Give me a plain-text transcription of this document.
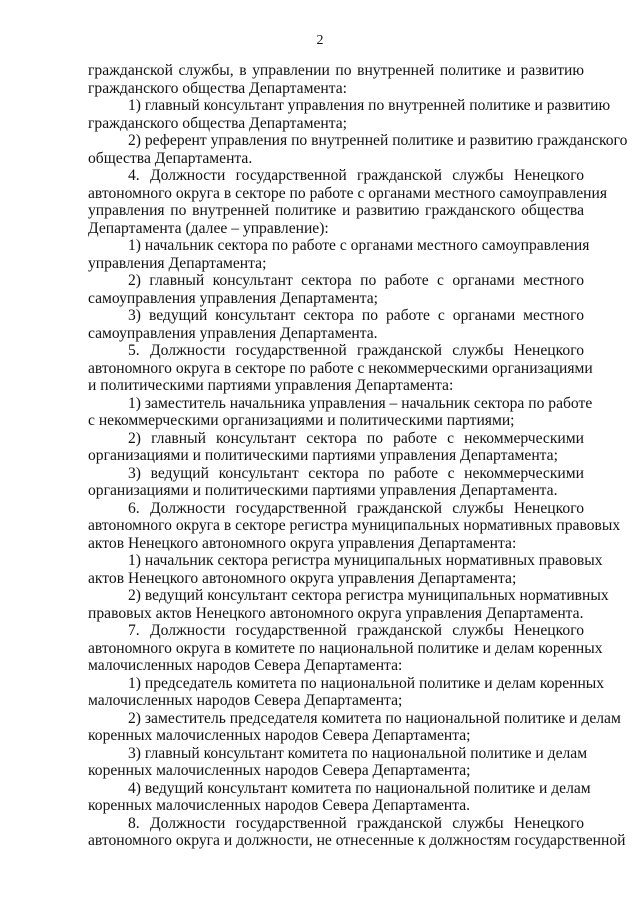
2
гражданской службы, в управлении по внутренней политике и развитию
гражданского общества Департамента:
1) главный консультант управления по внутренней политике и развитию
гражданского общества Департамента;
2) референт управления по внутренней политике и развитию гражданского
общества Департамента.
4. Должности государственной гражданской службы Ненецкого
автономного округа в секторе по работе с органами местного самоуправления
управления по внутренней политике и развитию гражданского общества
Департамента (далее – управление):
1) начальник сектора по работе с органами местного самоуправления
управления Департамента;
2) главный консультант сектора по работе с органами местного
самоуправления управления Департамента;
3) ведущий консультант сектора по работе с органами местного
самоуправления управления Департамента.
5. Должности государственной гражданской службы Ненецкого
автономного округа в секторе по работе с некоммерческими организациями
и политическими партиями управления Департамента:
1) заместитель начальника управления – начальник сектора по работе
с некоммерческими организациями и политическими партиями;
2) главный консультант сектора по работе с некоммерческими
организациями и политическими партиями управления Департамента;
3) ведущий консультант сектора по работе с некоммерческими
организациями и политическими партиями управления Департамента.
6. Должности государственной гражданской службы Ненецкого
автономного округа в секторе регистра муниципальных нормативных правовых
актов Ненецкого автономного округа управления Департамента:
1) начальник сектора регистра муниципальных нормативных правовых
актов Ненецкого автономного округа управления Департамента;
2) ведущий консультант сектора регистра муниципальных нормативных
правовых актов Ненецкого автономного округа управления Департамента.
7. Должности государственной гражданской службы Ненецкого
автономного округа в комитете по национальной политике и делам коренных
малочисленных народов Севера Департамента:
1) председатель комитета по национальной политике и делам коренных
малочисленных народов Севера Департамента;
2) заместитель председателя комитета по национальной политике и делам
коренных малочисленных народов Севера Департамента;
3) главный консультант комитета по национальной политике и делам
коренных малочисленных народов Севера Департамента;
4) ведущий консультант комитета по национальной политике и делам
коренных малочисленных народов Севера Департамента.
8. Должности государственной гражданской службы Ненецкого
автономного округа и должности, не отнесенные к должностям государственной
